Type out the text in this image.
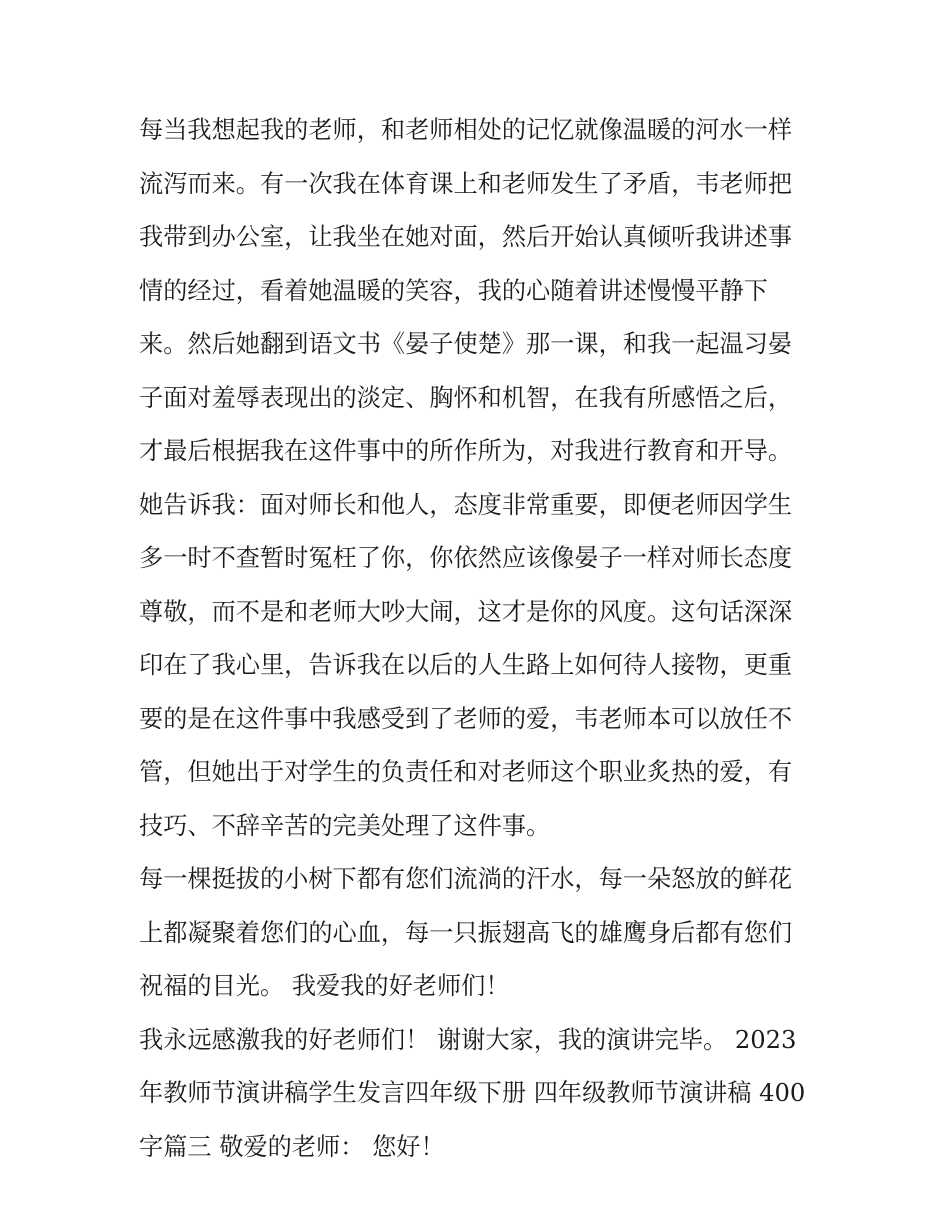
每当我想起我的老师，和老师相处的记忆就像温暖的河水一样
流泻而来。有一次我在体育课上和老师发生了矛盾，韦老师把
我带到办公室，让我坐在她对面，然后开始认真倾听我讲述事
情的经过，看着她温暖的笑容，我的心随着讲述慢慢平静下
来。然后她翻到语文书《晏子使楚》那一课，和我一起温习晏
子面对羞辱表现出的淡定、胸怀和机智，在我有所感悟之后，
才最后根据我在这件事中的所作所为，对我进行教育和开导。
她告诉我：面对师长和他人，态度非常重要，即便老师因学生
多一时不查暂时冤枉了你，你依然应该像晏子一样对师长态度
尊敬，而不是和老师大吵大闹，这才是你的风度。这句话深深
印在了我心里，告诉我在以后的人生路上如何待人接物，更重
要的是在这件事中我感受到了老师的爱，韦老师本可以放任不
管，但她出于对学生的负责任和对老师这个职业炙热的爱，有
技巧、不辞辛苦的完美处理了这件事。
每一棵挺拔的小树下都有您们流淌的汗水，每一朵怒放的鲜花
上都凝聚着您们的心血，每一只振翅高飞的雄鹰身后都有您们
祝福的目光。 我爱我的好老师们！
我永远感激我的好老师们！ 谢谢大家，我的演讲完毕。 2023
年教师节演讲稿学生发言四年级下册 四年级教师节演讲稿 400
字篇三 敬爱的老师： 您好！
